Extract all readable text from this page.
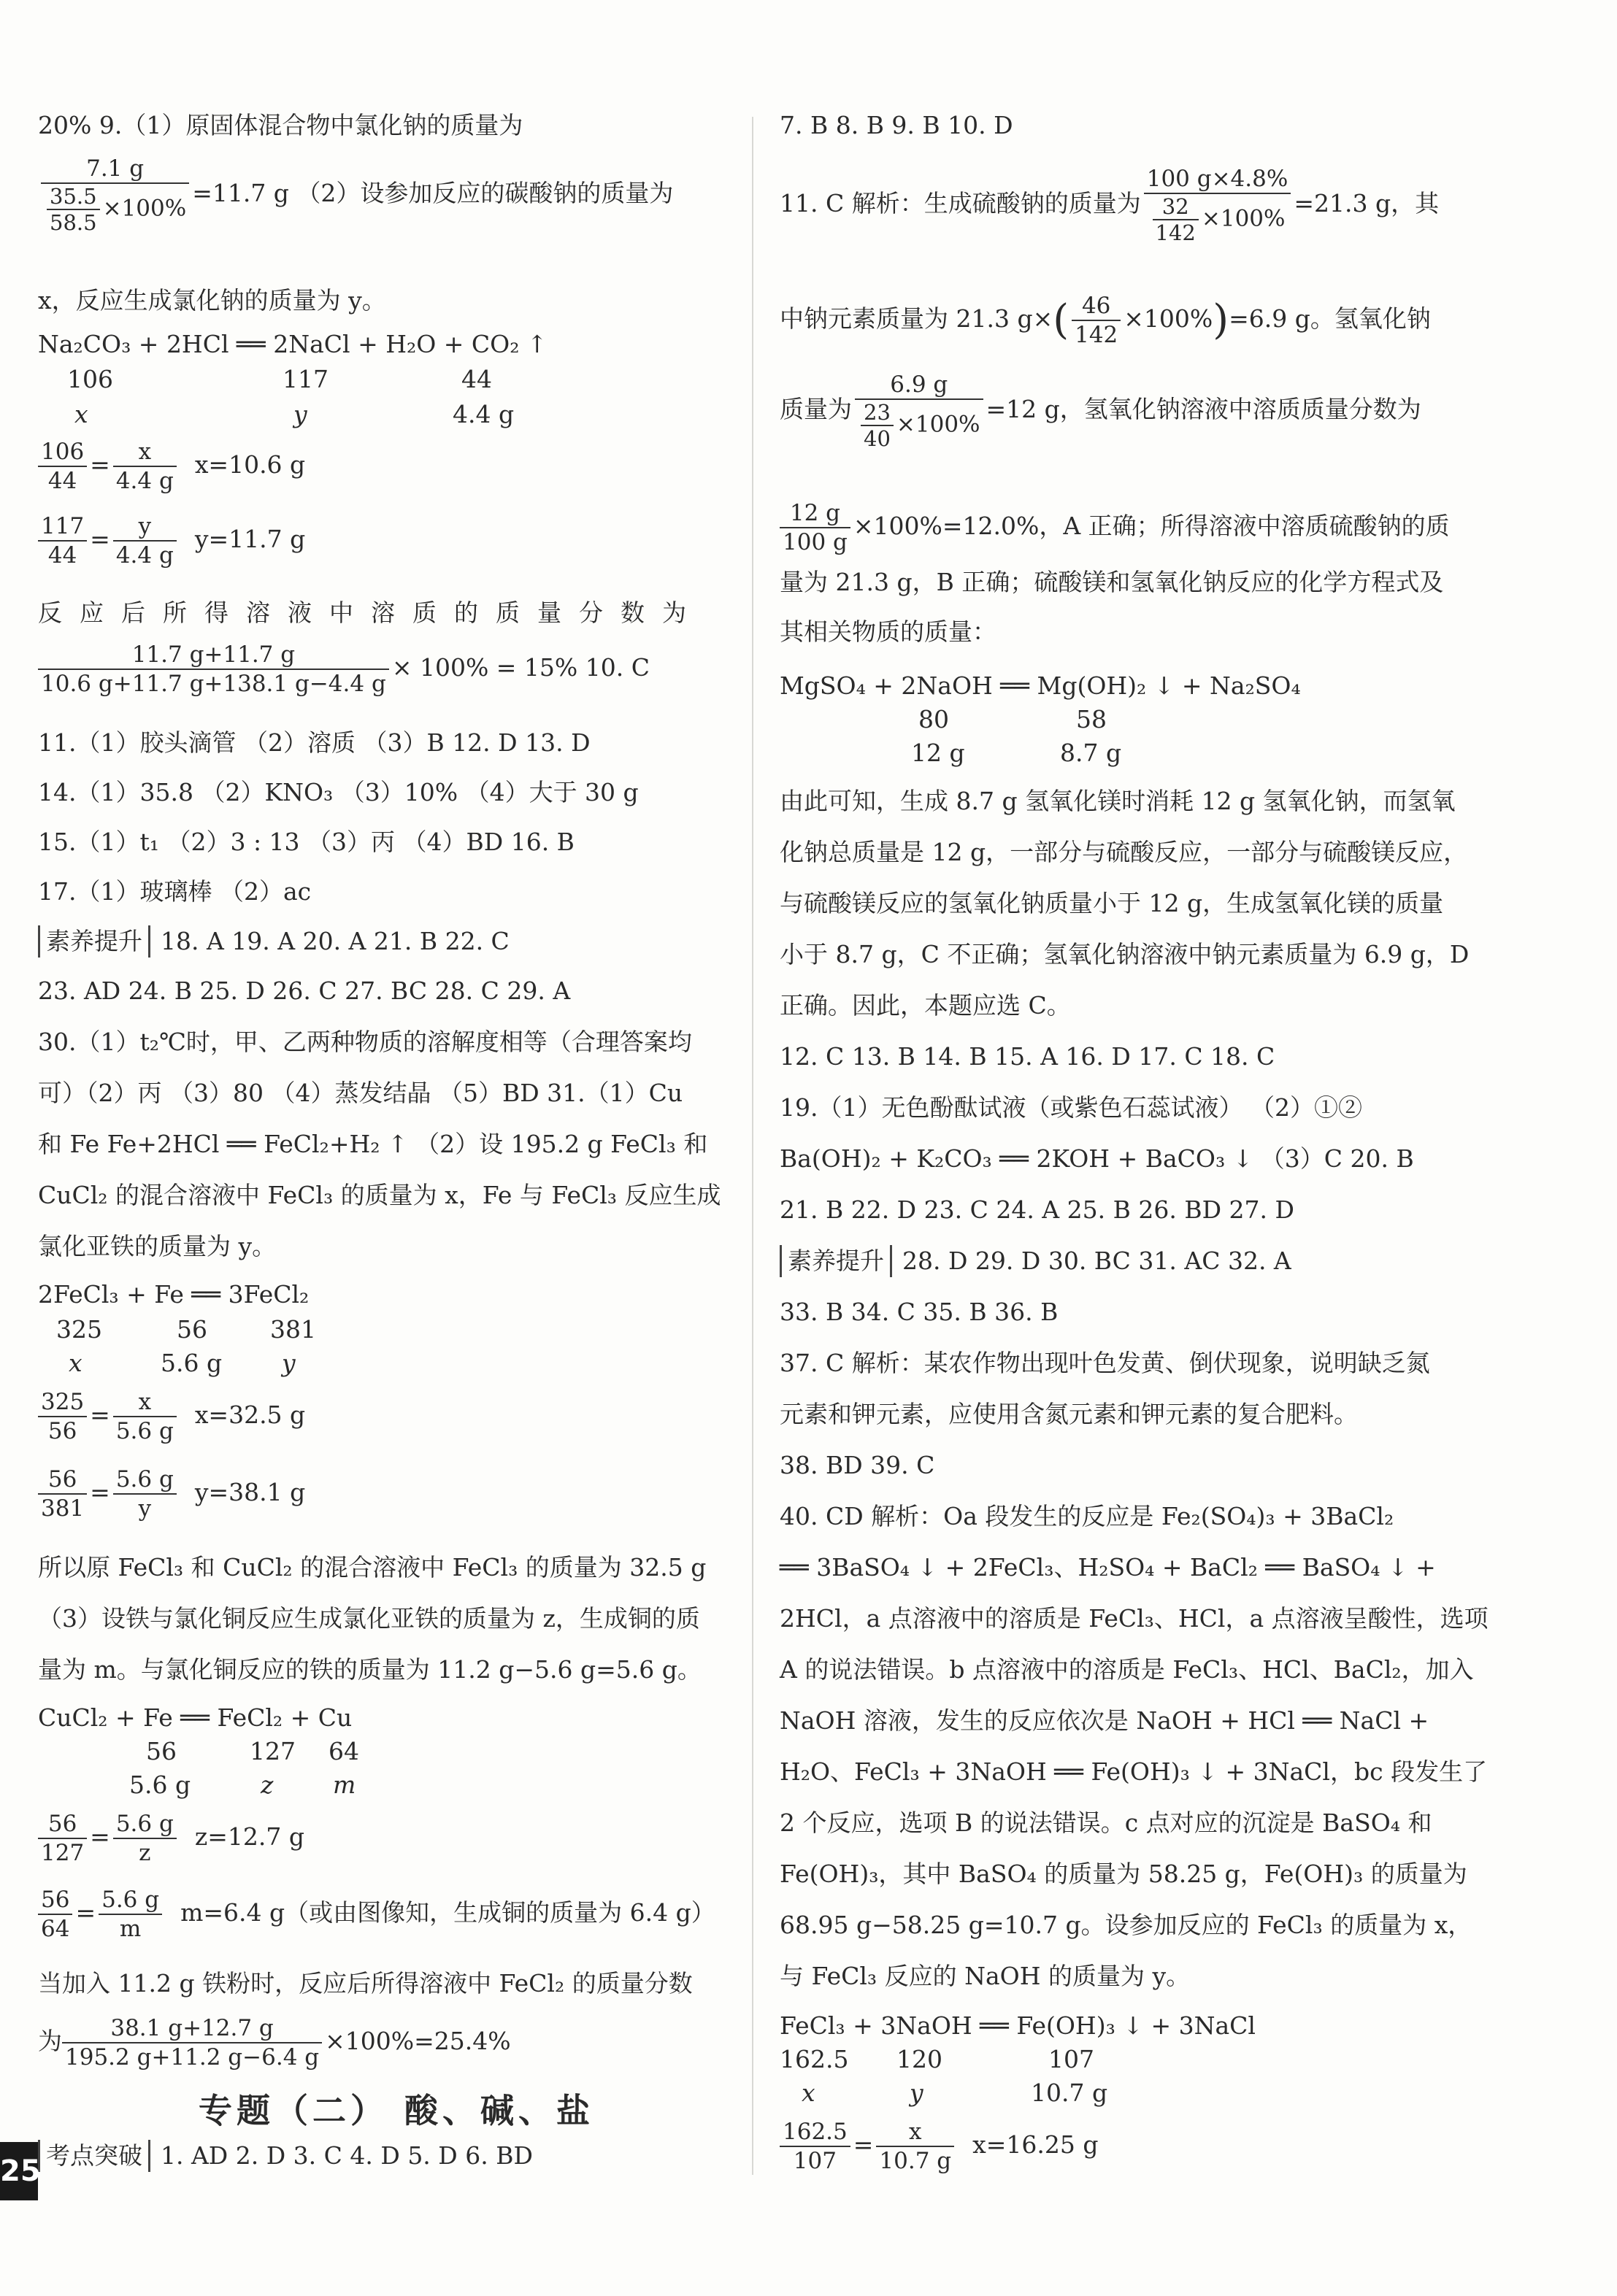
20% 9.（1）原固体混合物中氯化钠的质量为
$\frac{7.1 g}{\frac{35.5}{58.5} \times 100\%} =11.7$ g （2）设参加反应的碳酸钠的质量为
x，反应生成氯化钠的质量为 y。
Na₂CO₃ + 2HCl ══ 2NaCl + H₂O + CO₂ ↑
106	117	44
x	y	4.4 g
$\frac{106}{44} = \frac{x}{4.4 g} x=10.6$ g
$\frac{117}{44} = \frac{y}{4.4 g} y=11.7$ g
反应后所得溶液中溶质的质量分数为
$\frac{11.7 g+11.7 g}{10.6 g+11.7 g+138.1 g-4.4 g} \times 100\% = 15\%$ 10. C
11.（1）胶头滴管 （2）溶质 （3）B 12. D 13. D
14.（1）35.8 （2）KNO₃ （3）10% （4）大于 30 g
15.（1）t₁ （2）3 : 13 （3）丙 （4）BD 16. B
17.（1）玻璃棒 （2）ac
素养提升 18. A 19. A 20. A 21. B 22. C
23. AD 24. B 25. D 26. C 27. BC 28. C 29. A
30.（1）t₂℃时，甲、乙两种物质的溶解度相等（合理答案均
可）（2）丙 （3）80 （4）蒸发结晶 （5）BD 31.（1）Cu
和 Fe Fe+2HCl ══ FeCl₂+H₂ ↑ （2）设 195.2 g FeCl₃ 和
CuCl₂ 的混合溶液中 FeCl₃ 的质量为 x，Fe 与 FeCl₃ 反应生成
氯化亚铁的质量为 y。
2FeCl₃ + Fe ══ 3FeCl₂
325	56	381
x	5.6 g y
$\frac{325}{56} = \frac{x}{5.6 g} x=32.5$ g
$\frac{56}{381} = \frac{5.6 g}{y} y=38.1$ g
所以原 FeCl₃ 和 CuCl₂ 的混合溶液中 FeCl₃ 的质量为 32.5 g
（3）设铁与氯化铜反应生成氯化亚铁的质量为 z，生成铜的质
量为 m。与氯化铜反应的铁的质量为 11.2 g−5.6 g=5.6 g。
CuCl₂ + Fe ══ FeCl₂ + Cu
56	127 64
5.6 g	z m
$\frac{56}{127} = \frac{5.6 g}{z} z=12.7$ g
$\frac{56}{64} = \frac{5.6 g}{m} m=6.4$ g（或由图像知，生成铜的质量为 6.4 g）
当加入 11.2 g 铁粉时，反应后所得溶液中 FeCl₂ 的质量分数
为 $\frac{38.1 g+12.7 g}{195.2 g+11.2 g-6.4 g} \times 100\%=25.4\%$
专题（二） 酸、碱、盐
考点突破 1. AD 2. D 3. C 4. D 5. D 6. BD
7. B 8. B 9. B 10. D
11. C 解析：生成硫酸钠的质量为 $\frac{100 g\times 4.8\%}{\frac{32}{142} \times 100\%} =21.3$ g，其
中钠元素质量为 21.3 $g\times( \frac{46}{142} \times 100\%)=6.9$ g。氢氧化钠
质量为 $\frac{6.9 g}{\frac{23}{40} \times 100\%} =12$ g，氢氧化钠溶液中溶质质量分数为
$\frac{12 g}{100 g} \times 100\%=12.0\%$，A 正确；所得溶液中溶质硫酸钠的质
量为 21.3 g，B 正确；硫酸镁和氢氧化钠反应的化学方程式及
其相关物质的质量：
MgSO₄ + 2NaOH ══ Mg(OH)₂ ↓ + Na₂SO₄
80	58
12 g	8.7 g
由此可知，生成 8.7 g 氢氧化镁时消耗 12 g 氢氧化钠，而氢氧
化钠总质量是 12 g，一部分与硫酸反应，一部分与硫酸镁反应，
与硫酸镁反应的氢氧化钠质量小于 12 g，生成氢氧化镁的质量
小于 8.7 g，C 不正确；氢氧化钠溶液中钠元素质量为 6.9 g，D
正确。因此，本题应选 C。
12. C 13. B 14. B 15. A 16. D 17. C 18. C
19.（1）无色酚酞试液（或紫色石蕊试液） （2）①②
Ba(OH)₂ + K₂CO₃ ══ 2KOH + BaCO₃ ↓ （3）C 20. B
21. B 22. D 23. C 24. A 25. B 26. BD 27. D
素养提升 28. D 29. D 30. BC 31. AC 32. A
33. B 34. C 35. B 36. B
37. C 解析：某农作物出现叶色发黄、倒伏现象，说明缺乏氮
元素和钾元素，应使用含氮元素和钾元素的复合肥料。
38. BD 39. C
40. CD 解析：Oa 段发生的反应是 Fe₂(SO₄)₃ + 3BaCl₂
══ 3BaSO₄ ↓ + 2FeCl₃、H₂SO₄ + BaCl₂ ══ BaSO₄ ↓ +
2HCl，a 点溶液中的溶质是 FeCl₃、HCl，a 点溶液呈酸性，选项
A 的说法错误。b 点溶液中的溶质是 FeCl₃、HCl、BaCl₂，加入
NaOH 溶液，发生的反应依次是 NaOH + HCl ══ NaCl +
H₂O、FeCl₃ + 3NaOH ══ Fe(OH)₃ ↓ + 3NaCl，bc 段发生了
2 个反应，选项 B 的说法错误。c 点对应的沉淀是 BaSO₄ 和
Fe(OH)₃，其中 BaSO₄ 的质量为 58.25 g，Fe(OH)₃ 的质量为
68.95 g−58.25 g=10.7 g。设参加反应的 FeCl₃ 的质量为 x，
与 FeCl₃ 反应的 NaOH 的质量为 y。
FeCl₃ + 3NaOH ══ Fe(OH)₃ ↓ + 3NaCl
162.5 120	107
x	y	10.7 g
$\frac{162.5}{107} = \frac{x}{10.7 g} x=16.25$ g
25
